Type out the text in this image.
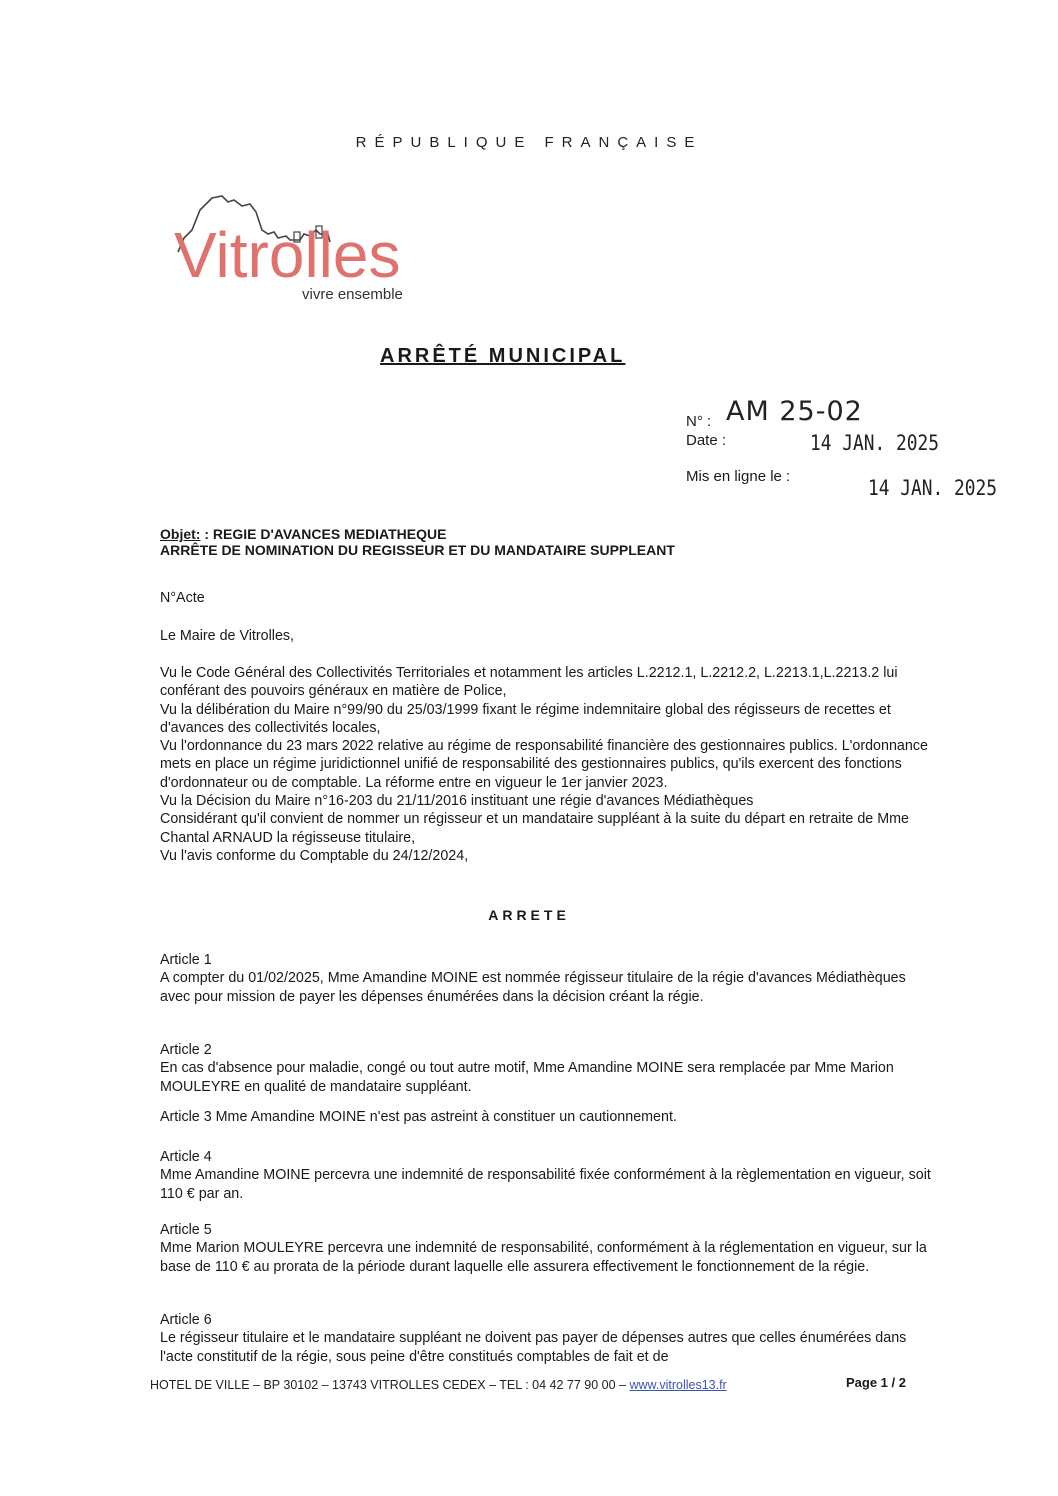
RÉPUBLIQUE FRANÇAISE
Vitrolles
vivre ensemble
ARRÊTÉ MUNICIPAL
N° : AM 25-02
Date :	14 JAN. 2025
Mis en ligne le :	14 JAN. 2025
Objet: : REGIE D'AVANCES MEDIATHEQUE
ARRÊTE DE NOMINATION DU REGISSEUR ET DU MANDATAIRE SUPPLEANT
N°Acte
Le Maire de Vitrolles,

Vu le Code Général des Collectivités Territoriales et notamment les articles L.2212.1, L.2212.2, L.2213.1,L.2213.2 lui conférant des pouvoirs généraux en matière de Police,

Vu la délibération du Maire n°99/90 du 25/03/1999 fixant le régime indemnitaire global des régisseurs de recettes et d'avances des collectivités locales,

Vu l'ordonnance du 23 mars 2022 relative au régime de responsabilité financière des gestionnaires publics. L'ordonnance mets en place un régime juridictionnel unifié de responsabilité des gestionnaires publics, qu'ils exercent des fonctions d'ordonnateur ou de comptable. La réforme entre en vigueur le 1er janvier 2023.

Vu la Décision du Maire n°16-203 du 21/11/2016 instituant une régie d'avances Médiathèques

Considérant qu'il convient de nommer un régisseur et un mandataire suppléant à la suite du départ en retraite de Mme Chantal ARNAUD la régisseuse titulaire,

Vu l'avis conforme du Comptable du 24/12/2024,

ARRETE

Article 1

A compter du 01/02/2025, Mme Amandine MOINE est nommée régisseur titulaire de la régie d'avances Médiathèques avec pour mission de payer les dépenses énumérées dans la décision créant la régie.

Article 2

En cas d'absence pour maladie, congé ou tout autre motif, Mme Amandine MOINE sera remplacée par Mme Marion MOULEYRE en qualité de mandataire suppléant.

Article 3 Mme Amandine MOINE n'est pas astreint à constituer un cautionnement.

Article 4

Mme Amandine MOINE percevra une indemnité de responsabilité fixée conformément à la règlementation en vigueur, soit 110 € par an.

Article 5

Mme Marion MOULEYRE percevra une indemnité de responsabilité, conformément à la réglementation en vigueur, sur la base de 110 € au prorata de la période durant laquelle elle assurera effectivement le fonctionnement de la régie.

Article 6

Le régisseur titulaire et le mandataire suppléant ne doivent pas payer de dépenses autres que celles énumérées dans l'acte constitutif de la régie, sous peine d'être constitués comptables de fait et de

HOTEL DE VILLE – BP 30102 – 13743 VITROLLES CEDEX – TEL : 04 42 77 90 00 – www.vitrolles13.fr	Page 1 / 2
